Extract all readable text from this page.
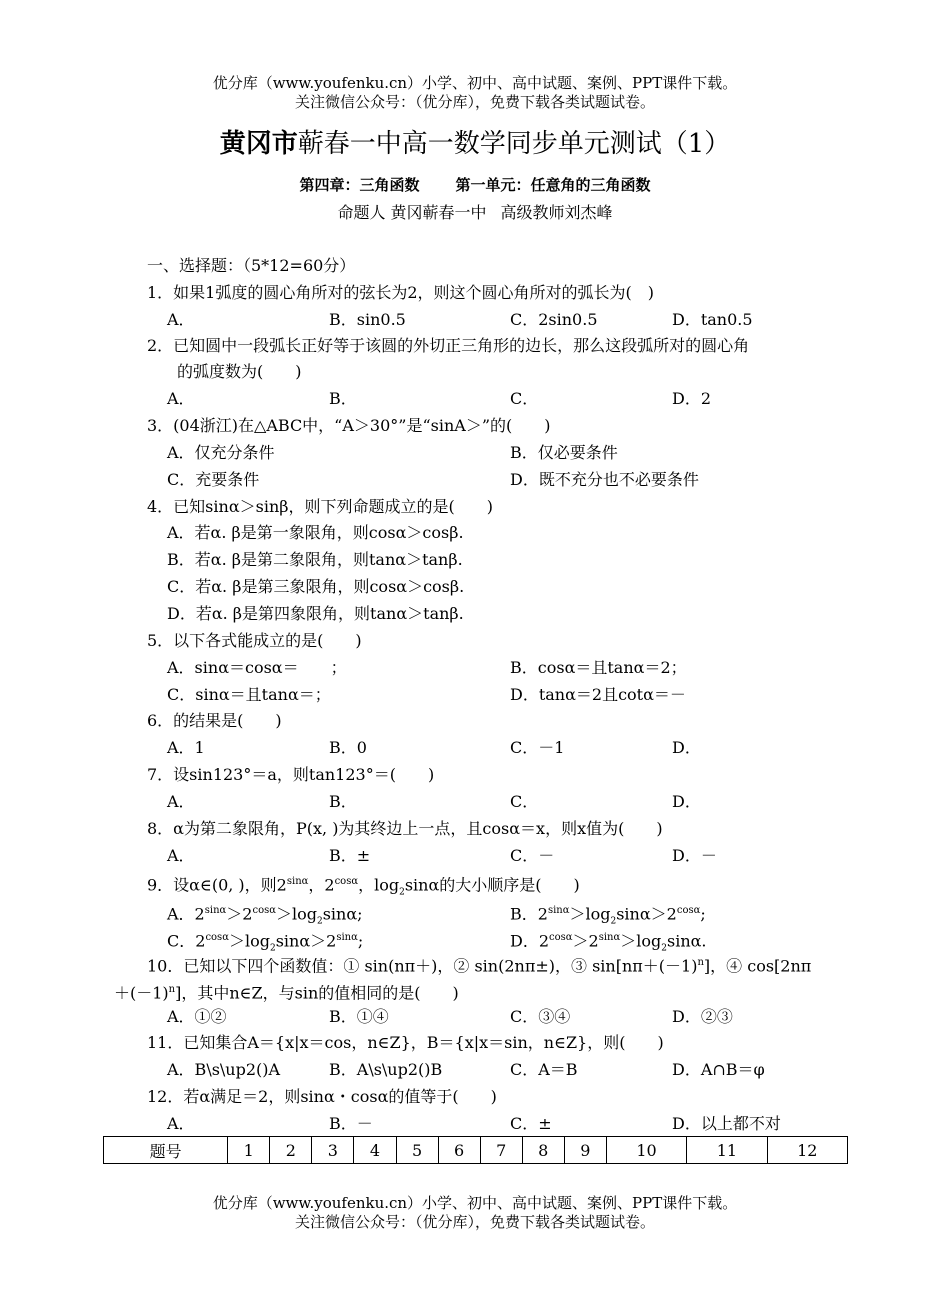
优分库（www.youfenku.cn）小学、初中、高中试题、案例、PPT课件下载。
关注微信公众号：（优分库），免费下载各类试题试卷。
黄冈市蕲春一中高一数学同步单元测试（1）
第四章：三角函数 第一单元：任意角的三角函数
命题人 黄冈蕲春一中 高级教师刘杰峰
一、选择题：（5*12=60分）
1．如果1弧度的圆心角所对的弦长为2，则这个圆心角所对的弧长为(　)
A．	B．sin0.5	C．2sin0.5	D．tan0.5
2．已知圆中一段弧长正好等于该圆的外切正三角形的边长，那么这段弧所对的圆心角
的弧度数为(　　)
A．	B．	C．	D．2
3．(04浙江)在△ABC中，“A＞30°”是“sinA＞”的(　　)
A．仅充分条件	B．仅必要条件
C．充要条件	D．既不充分也不必要条件
4．已知sinα＞sinβ，则下列命题成立的是(　　)
A．若α. β是第一象限角，则cosα＞cosβ.
B．若α. β是第二象限角，则tanα＞tanβ.
C．若α. β是第三象限角，则cosα＞cosβ.
D．若α. β是第四象限角，则tanα＞tanβ.
5．以下各式能成立的是(　　)
A．sinα＝cosα＝　　；	B．cosα＝且tanα＝2；
C．sinα＝且tanα＝；	D．tanα＝2且cotα＝－
6．的结果是(　　)
A．1	B．0	C．－1	D．
7．设sin123°＝a，则tan123°＝(　　)
A．	B．	C．	D．
8．α为第二象限角，P(x, )为其终边上一点，且cosα＝x，则x值为(　　)
A．	B．±	C．－	D．－
9．设α∈(0, )，则$2^{sin\alpha}$，$2^{cos\alpha}$，$\log_2\sin\alpha$的大小顺序是(　　)
A．$2^{sin\alpha}>2^{cos\alpha}>\log_2\sin\alpha$;	B．$2^{sin\alpha}>\log_2\sin\alpha>2^{cos\alpha}$;
C．$2^{cos\alpha}>\log_2\sin\alpha>2^{sin\alpha}$;	D．$2^{cos\alpha}>2^{sin\alpha}>\log_2\sin\alpha$.
10．已知以下四个函数值：① sin(nπ＋)，② sin(2nπ±)，③ $\sin[n\pi+(-1)^n]$，④ cos[2nπ
$+(-1)^n$]，其中n∈Z，与sin的值相同的是(　　)
A．①②	B．①④	C．③④	D．②③
11．已知集合A＝{x|x＝cos，n∈Z}，B＝{x|x＝sin，n∈Z}，则(　　)
A．B\s\up2()A	B．A\s\up2()B	C．A＝B	D．A∩B＝φ
12．若α满足＝2，则sinα・cosα的值等于(　　)
A．	B．－	C．±	D．以上都不对
题号	1	2	3	4	5	6	7	8	9	10	11	12
优分库（www.youfenku.cn）小学、初中、高中试题、案例、PPT课件下载。
关注微信公众号：（优分库），免费下载各类试题试卷。
